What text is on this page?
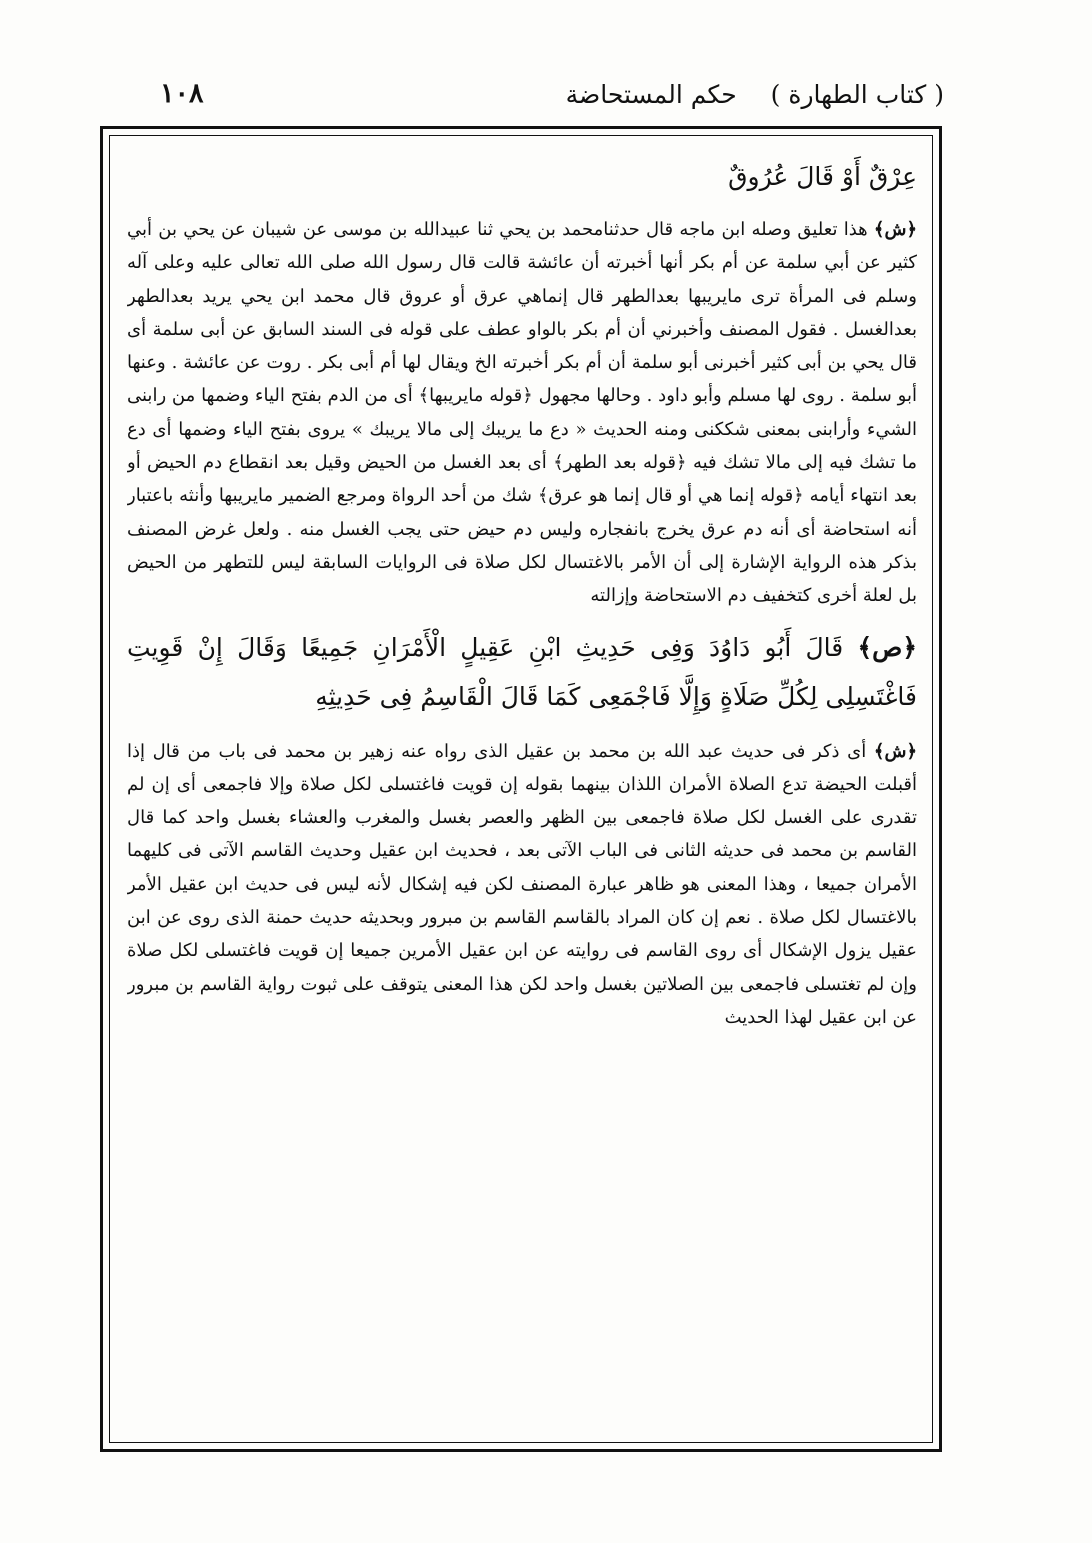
( كتاب الطهارة )حكم المستحاضة
١٠٨

عِرْقٌ أَوْ قَالَ عُرُوقٌ

﴿ش﴾ هذا تعليق وصله ابن ماجه قال حدثنامحمد بن يحي ثنا عبيدالله بن موسى عن شيبان عن يحي بن أبي كثير عن أبي سلمة عن أم بكر أنها أخبرته أن عائشة قالت قال رسول الله صلى الله تعالى عليه وعلى آله وسلم فى المرأة ترى مايريبها بعدالطهر قال إنماهي عرق أو عروق قال محمد ابن يحي يريد بعدالطهر بعدالغسل . فقول المصنف وأخبرني أن أم بكر بالواو عطف على قوله فى السند السابق عن أبى سلمة أى قال يحي بن أبى كثير أخبرنى أبو سلمة أن أم بكر أخبرته الخ ويقال لها أم أبى بكر . روت عن عائشة . وعنها أبو سلمة . روى لها مسلم وأبو داود . وحالها مجهول ﴿قوله مايريبها﴾ أى من الدم بفتح الياء وضمها من رابنى الشيء وأرابنى بمعنى شككنى ومنه الحديث « دع ما يريبك إلى مالا يريبك » يروى بفتح الياء وضمها أى دع ما تشك فيه إلى مالا تشك فيه ﴿قوله بعد الطهر﴾ أى بعد الغسل من الحيض وقيل بعد انقطاع دم الحيض أو بعد انتهاء أيامه ﴿قوله إنما هي أو قال إنما هو عرق﴾ شك من أحد الرواة ومرجع الضمير مايريبها وأنثه باعتبار أنه استحاضة أى أنه دم عرق يخرج بانفجاره وليس دم حيض حتى يجب الغسل منه . ولعل غرض المصنف بذكر هذه الرواية الإشارة إلى أن الأمر بالاغتسال لكل صلاة فى الروايات السابقة ليس للتطهر من الحيض بل لعلة أخرى كتخفيف دم الاستحاضة وإزالته

﴿ص﴾ قَالَ أَبُو دَاوُدَ وَفِى حَدِيثِ ابْنِ عَقِيلٍ الْأَمْرَانِ جَمِيعًا وَقَالَ إِنْ قَوِيتِ فَاغْتَسِلِى لِكُلِّ صَلَاةٍ وَإِلَّا فَاجْمَعِى كَمَا قَالَ الْقَاسِمُ فِى حَدِيثِهِ

﴿ش﴾ أى ذكر فى حديث عبد الله بن محمد بن عقيل الذى رواه عنه زهير بن محمد فى باب من قال إذا أقبلت الحيضة تدع الصلاة الأمران اللذان بينهما بقوله إن قويت فاغتسلى لكل صلاة وإلا فاجمعى أى إن لم تقدرى على الغسل لكل صلاة فاجمعى بين الظهر والعصر بغسل والمغرب والعشاء بغسل واحد كما قال القاسم بن محمد فى حديثه الثانى فى الباب الآتى بعد ، فحديث ابن عقيل وحديث القاسم الآتى فى كليهما الأمران جميعا ، وهذا المعنى هو ظاهر عبارة المصنف لكن فيه إشكال لأنه ليس فى حديث ابن عقيل الأمر بالاغتسال لكل صلاة . نعم إن كان المراد بالقاسم القاسم بن مبرور وبحديثه حديث حمنة الذى روى عن ابن عقيل يزول الإشكال أى روى القاسم فى روايته عن ابن عقيل الأمرين جميعا إن قويت فاغتسلى لكل صلاة وإن لم تغتسلى فاجمعى بين الصلاتين بغسل واحد لكن هذا المعنى يتوقف على ثبوت رواية القاسم بن مبرور عن ابن عقيل لهذا الحديث
